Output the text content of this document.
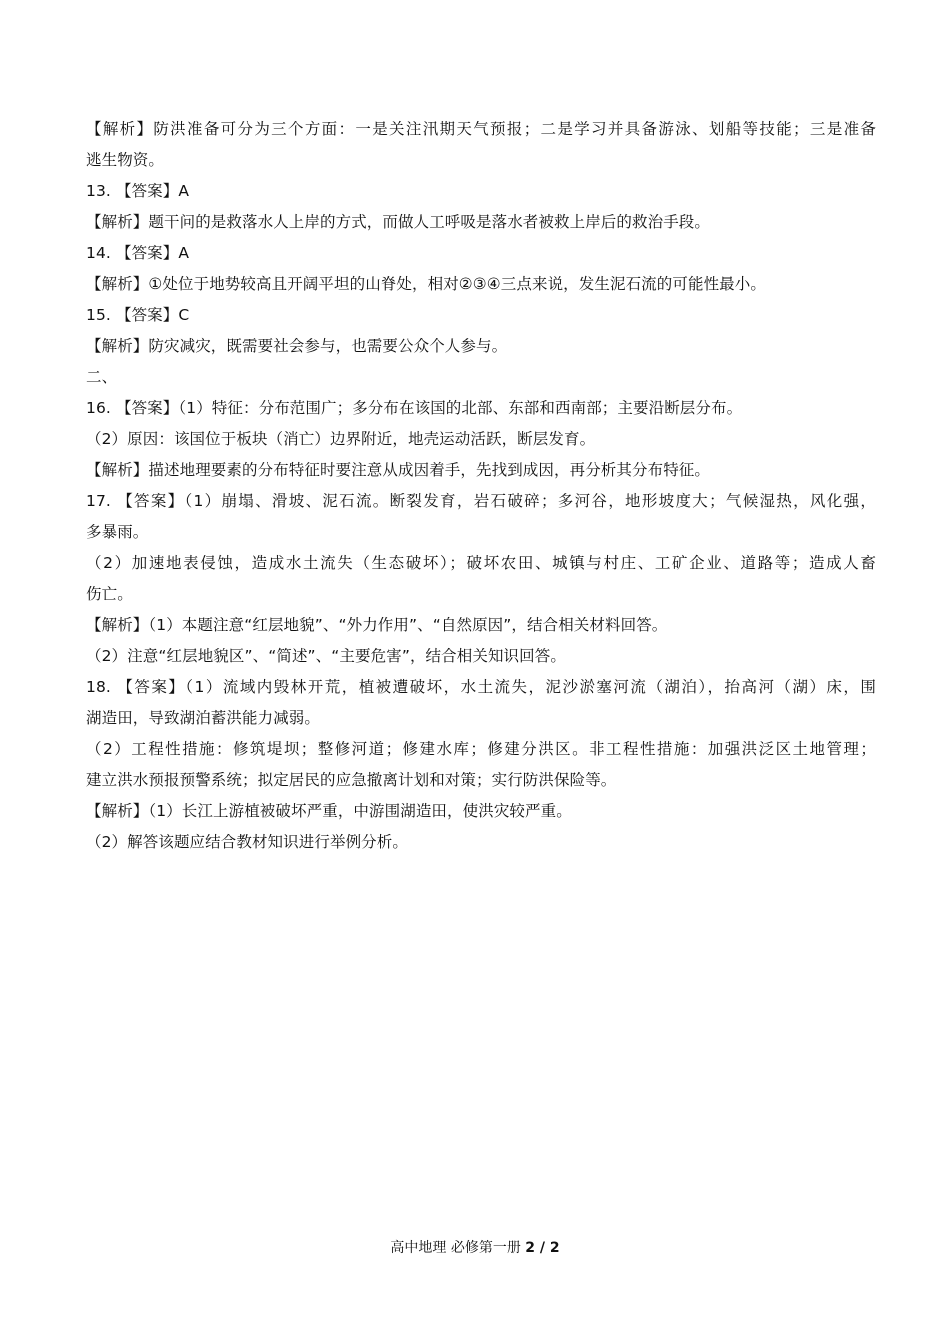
【解析】防洪准备可分为三个方面：一是关注汛期天气预报；二是学习并具备游泳、划船等技能；三是准备
逃生物资。
13. 【答案】A
【解析】题干问的是救落水人上岸的方式，而做人工呼吸是落水者被救上岸后的救治手段。
14. 【答案】A
【解析】①处位于地势较高且开阔平坦的山脊处，相对②③④三点来说，发生泥石流的可能性最小。
15. 【答案】C
【解析】防灾减灾，既需要社会参与，也需要公众个人参与。
二、
16. 【答案】（1）特征：分布范围广；多分布在该国的北部、东部和西南部；主要沿断层分布。
（2）原因：该国位于板块（消亡）边界附近，地壳运动活跃，断层发育。
【解析】描述地理要素的分布特征时要注意从成因着手，先找到成因，再分析其分布特征。
17. 【答案】（1）崩塌、滑坡、泥石流。断裂发育，岩石破碎；多河谷，地形坡度大；气候湿热，风化强，
多暴雨。
（2）加速地表侵蚀，造成水土流失（生态破坏）；破坏农田、城镇与村庄、工矿企业、道路等；造成人畜
伤亡。
【解析】（1）本题注意“红层地貌”、“外力作用”、“自然原因”，结合相关材料回答。
（2）注意“红层地貌区”、“简述”、“主要危害”，结合相关知识回答。
18. 【答案】（1）流域内毁林开荒，植被遭破坏，水土流失，泥沙淤塞河流（湖泊），抬高河（湖）床，围
湖造田，导致湖泊蓄洪能力减弱。
（2）工程性措施：修筑堤坝；整修河道；修建水库；修建分洪区。非工程性措施：加强洪泛区土地管理；
建立洪水预报预警系统；拟定居民的应急撤离计划和对策；实行防洪保险等。
【解析】（1）长江上游植被破坏严重，中游围湖造田，使洪灾较严重。
（2）解答该题应结合教材知识进行举例分析。
高中地理 必修第一册 2 / 2
